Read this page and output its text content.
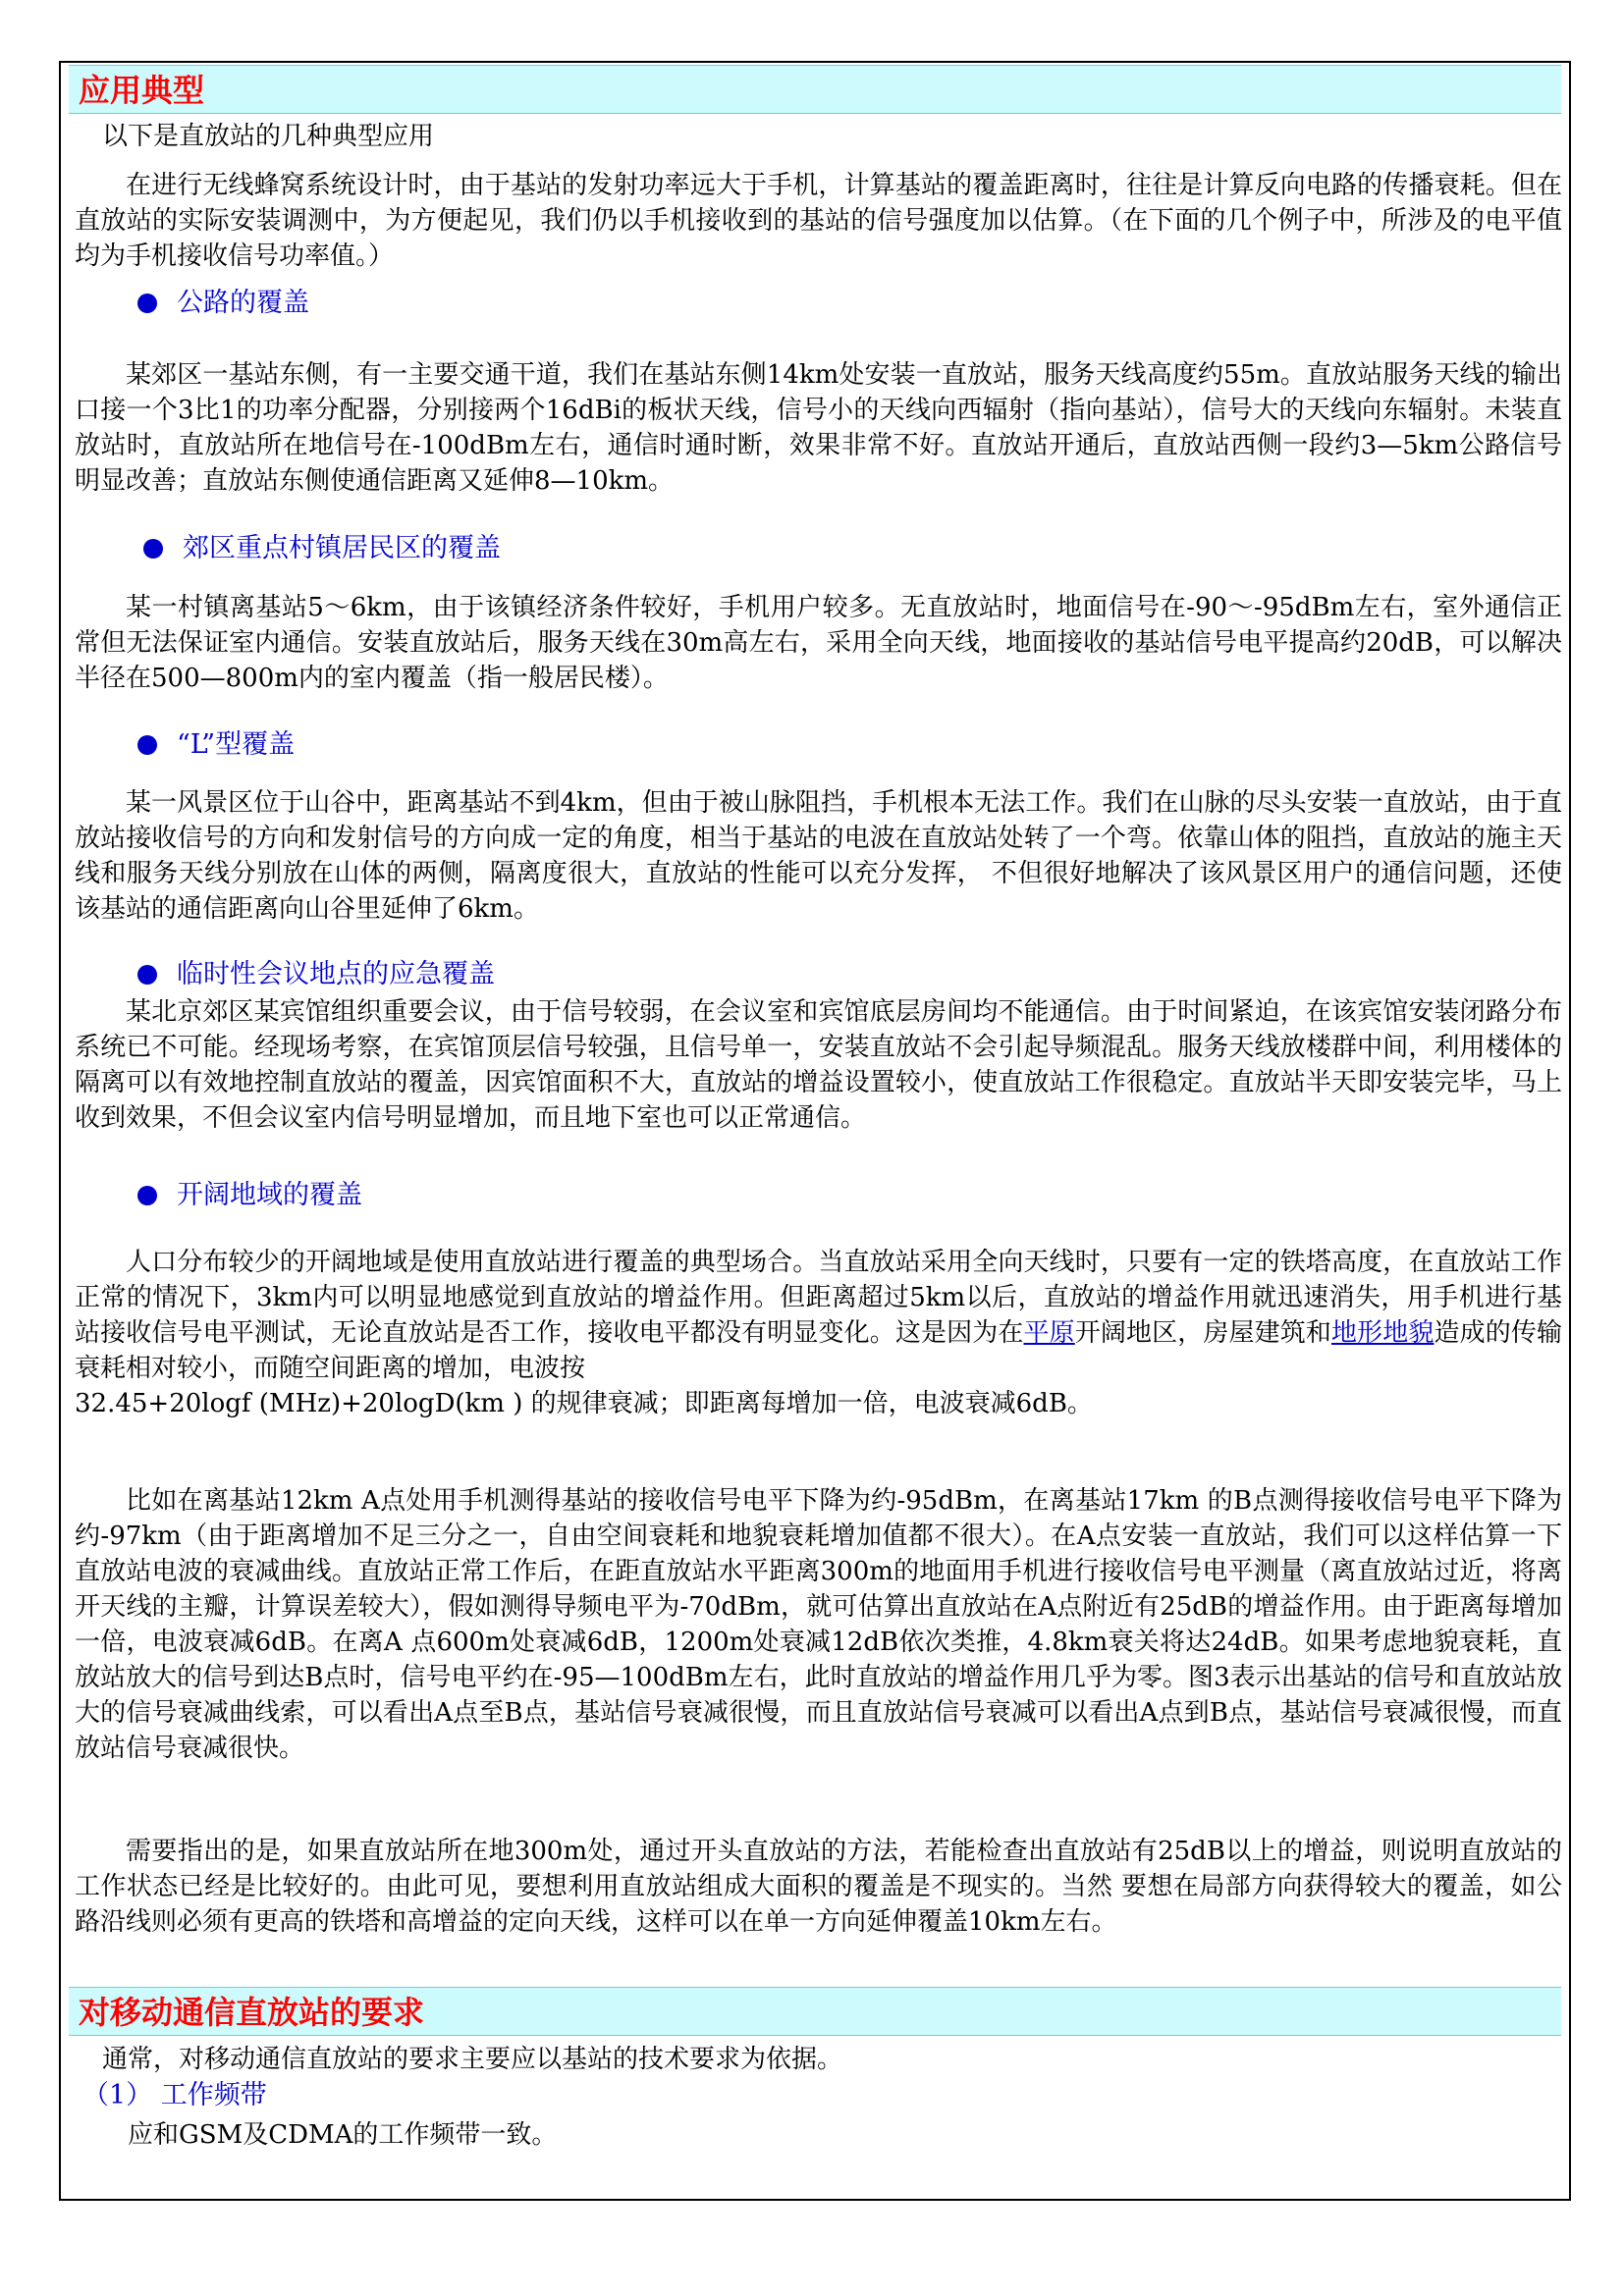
应用典型
以下是直放站的几种典型应用
在进行无线蜂窝系统设计时，由于基站的发射功率远大于手机，计算基站的覆盖距离时，往往是计算反向电路的传播衰耗。但在直放站的实际安装调测中，为方便起见，我们仍以手机接收到的基站的信号强度加以估算。（在下面的几个例子中，所涉及的电平值均为手机接收信号功率值。）
公路的覆盖
某郊区一基站东侧，有一主要交通干道，我们在基站东侧14km处安装一直放站，服务天线高度约55m。直放站服务天线的输出口接一个3比1的功率分配器，分别接两个16dBi的板状天线，信号小的天线向西辐射（指向基站），信号大的天线向东辐射。未装直放站时，直放站所在地信号在-100dBm左右，通信时通时断，效果非常不好。直放站开通后，直放站西侧一段约3—5km公路信号明显改善；直放站东侧使通信距离又延伸8—10km。
郊区重点村镇居民区的覆盖
某一村镇离基站5～6km，由于该镇经济条件较好，手机用户较多。无直放站时，地面信号在-90～-95dBm左右，室外通信正常但无法保证室内通信。安装直放站后，服务天线在30m高左右，采用全向天线，地面接收的基站信号电平提高约20dB，可以解决半径在500—800m内的室内覆盖（指一般居民楼）。
“L”型覆盖
某一风景区位于山谷中，距离基站不到4km，但由于被山脉阻挡，手机根本无法工作。我们在山脉的尽头安装一直放站，由于直放站接收信号的方向和发射信号的方向成一定的角度，相当于基站的电波在直放站处转了一个弯。依靠山体的阻挡，直放站的施主天线和服务天线分别放在山体的两侧，隔离度很大，直放站的性能可以充分发挥， 不但很好地解决了该风景区用户的通信问题，还使该基站的通信距离向山谷里延伸了6km。
临时性会议地点的应急覆盖
某北京郊区某宾馆组织重要会议，由于信号较弱，在会议室和宾馆底层房间均不能通信。由于时间紧迫，在该宾馆安装闭路分布系统已不可能。经现场考察，在宾馆顶层信号较强，且信号单一，安装直放站不会引起导频混乱。服务天线放楼群中间，利用楼体的隔离可以有效地控制直放站的覆盖，因宾馆面积不大，直放站的增益设置较小，使直放站工作很稳定。直放站半天即安装完毕，马上收到效果，不但会议室内信号明显增加，而且地下室也可以正常通信。
开阔地域的覆盖
人口分布较少的开阔地域是使用直放站进行覆盖的典型场合。当直放站采用全向天线时，只要有一定的铁塔高度，在直放站工作正常的情况下，3km内可以明显地感觉到直放站的增益作用。但距离超过5km以后，直放站的增益作用就迅速消失，用手机进行基站接收信号电平测试，无论直放站是否工作，接收电平都没有明显变化。这是因为在平原开阔地区，房屋建筑和地形地貌造成的传输衰耗相对较小，而随空间距离的增加，电波按
32.45+20logf (MHz)+20logD(km ) 的规律衰减；即距离每增加一倍，电波衰减6dB。
比如在离基站12km A点处用手机测得基站的接收信号电平下降为约-95dBm，在离基站17km 的B点测得接收信号电平下降为约-97km（由于距离增加不足三分之一，自由空间衰耗和地貌衰耗增加值都不很大）。在A点安装一直放站，我们可以这样估算一下直放站电波的衰减曲线。直放站正常工作后，在距直放站水平距离300m的地面用手机进行接收信号电平测量（离直放站过近，将离开天线的主瓣，计算误差较大），假如测得导频电平为-70dBm，就可估算出直放站在A点附近有25dB的增益作用。由于距离每增加一倍，电波衰减6dB。在离A 点600m处衰减6dB，1200m处衰减12dB依次类推，4.8km衰关将达24dB。如果考虑地貌衰耗，直放站放大的信号到达B点时，信号电平约在-95—100dBm左右，此时直放站的增益作用几乎为零。图3表示出基站的信号和直放站放大的信号衰减曲线索，可以看出A点至B点，基站信号衰减很慢，而且直放站信号衰减可以看出A点到B点，基站信号衰减很慢，而直放站信号衰减很快。
需要指出的是，如果直放站所在地300m处，通过开头直放站的方法，若能检查出直放站有25dB以上的增益，则说明直放站的工作状态已经是比较好的。由此可见，要想利用直放站组成大面积的覆盖是不现实的。当然 要想在局部方向获得较大的覆盖，如公路沿线则必须有更高的铁塔和高增益的定向天线，这样可以在单一方向延伸覆盖10km左右。
对移动通信直放站的要求
通常，对移动通信直放站的要求主要应以基站的技术要求为依据。
（1） 工作频带
应和GSM及CDMA的工作频带一致。
